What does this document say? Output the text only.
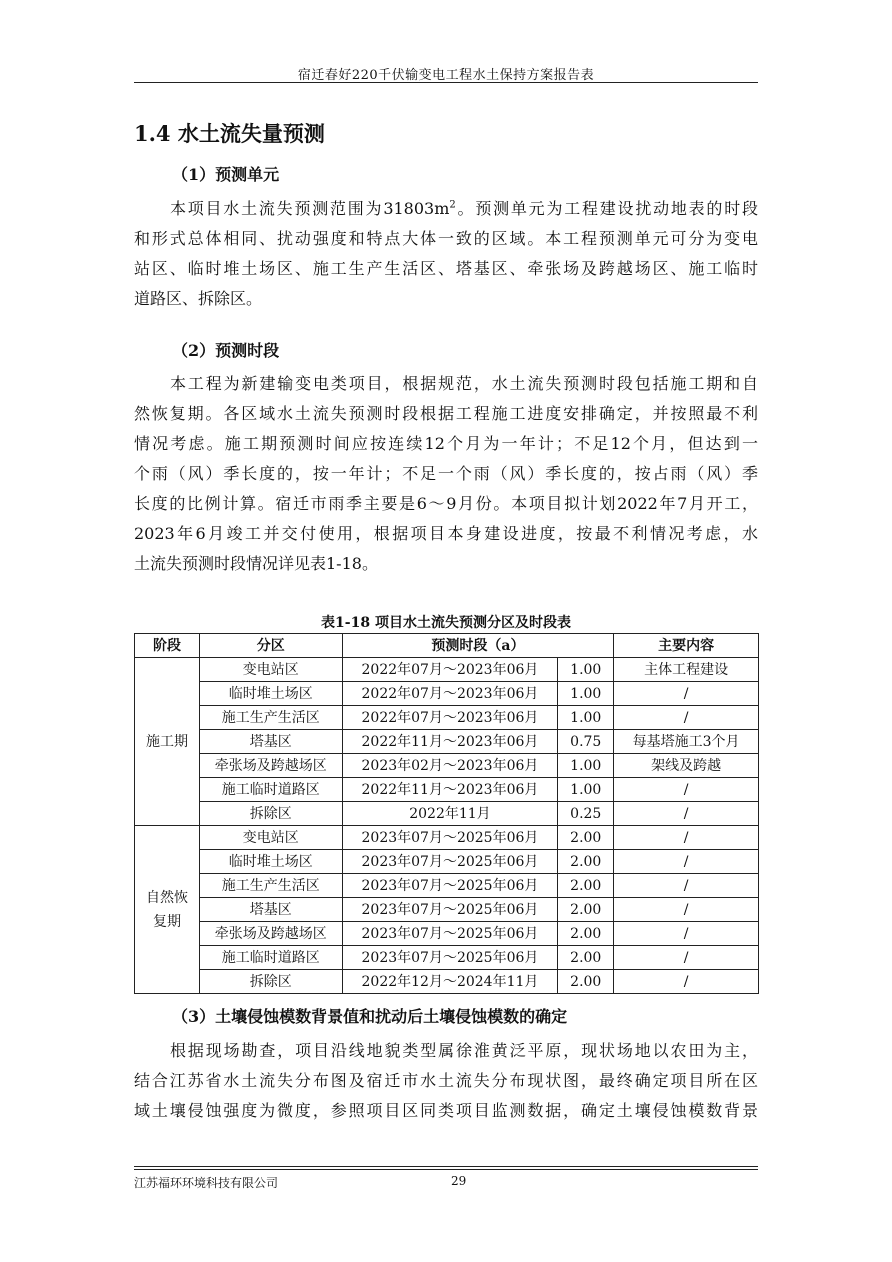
宿迁春好220千伏输变电工程水土保持方案报告表
1.4 水土流失量预测
（1）预测单元
本项目水土流失预测范围为$31803m^2$。预测单元为工程建设扰动地表的时段
和形式总体相同、扰动强度和特点大体一致的区域。本工程预测单元可分为变电
站区、临时堆土场区、施工生产生活区、塔基区、牵张场及跨越场区、施工临时
道路区、拆除区。
（2）预测时段
本工程为新建输变电类项目，根据规范，水土流失预测时段包括施工期和自
然恢复期。各区域水土流失预测时段根据工程施工进度安排确定，并按照最不利
情况考虑。施工期预测时间应按连续12个月为一年计；不足12个月，但达到一
个雨（风）季长度的，按一年计；不足一个雨（风）季长度的，按占雨（风）季
长度的比例计算。宿迁市雨季主要是6～9月份。本项目拟计划2022年7月开工，
2023年6月竣工并交付使用，根据项目本身建设进度，按最不利情况考虑，水
土流失预测时段情况详见表1-18。
表1-18 项目水土流失预测分区及时段表
阶段	分区	预测时段（a）		主要内容
施工期	变电站区	2022年07月～2023年06月	1.00	主体工程建设
	临时堆土场区	2022年07月～2023年06月	1.00	/
	施工生产生活区	2022年07月～2023年06月	1.00	/
	塔基区	2022年11月～2023年06月	0.75	每基塔施工3个月
	牵张场及跨越场区	2023年02月～2023年06月	1.00	架线及跨越
	施工临时道路区	2022年11月～2023年06月	1.00	/
	拆除区	2022年11月	0.25	/
自然恢复期	变电站区	2023年07月～2025年06月	2.00	/
	临时堆土场区	2023年07月～2025年06月	2.00	/
	施工生产生活区	2023年07月～2025年06月	2.00	/
	塔基区	2023年07月～2025年06月	2.00	/
	牵张场及跨越场区	2023年07月～2025年06月	2.00	/
	施工临时道路区	2023年07月～2025年06月	2.00	/
	拆除区	2022年12月～2024年11月	2.00	/
（3）土壤侵蚀模数背景值和扰动后土壤侵蚀模数的确定
根据现场勘查，项目沿线地貌类型属徐淮黄泛平原，现状场地以农田为主，
结合江苏省水土流失分布图及宿迁市水土流失分布现状图，最终确定项目所在区
域土壤侵蚀强度为微度，参照项目区同类项目监测数据，确定土壤侵蚀模数背景
江苏福环环境科技有限公司	29
